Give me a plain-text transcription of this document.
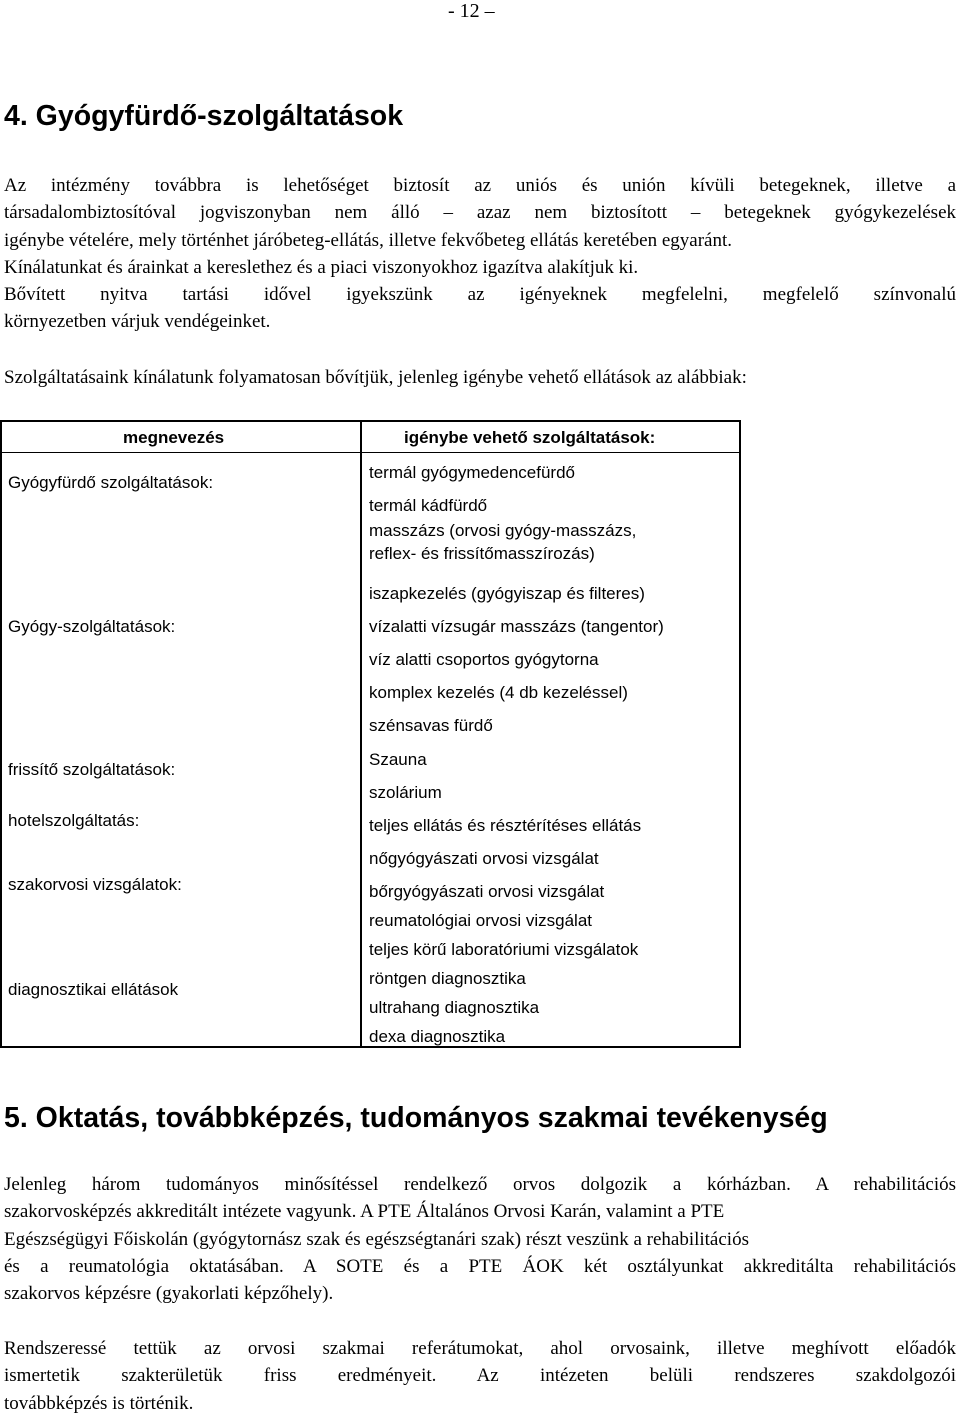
- 12 –
4. Gyógyfürdő-szolgáltatások
Az intézmény továbbra is lehetőséget biztosít az uniós és unión kívüli betegeknek, illetve a
társadalombiztosítóval jogviszonyban nem álló – azaz nem biztosított – betegeknek gyógykezelések
igénybe vételére, mely történhet járóbeteg-ellátás, illetve fekvőbeteg ellátás keretében egyaránt.
Kínálatunkat és árainkat a kereslethez és a piaci viszonyokhoz igazítva alakítjuk ki.
Bővített nyitva tartási idővel igyekszünk az igényeknek megfelelni, megfelelő színvonalú
környezetben várjuk vendégeinket.
Szolgáltatásaink kínálatunk folyamatosan bővítjük, jelenleg igénybe vehető ellátások az alábbiak:
megnevezés	igénybe vehető szolgáltatások:
Gyógyfürdő szolgáltatások:
Gyógy-szolgáltatások:
frissítő szolgáltatások:
hotelszolgáltatás:
szakorvosi vizsgálatok:
diagnosztikai ellátások
termál gyógymedencefürdő
termál kádfürdő
masszázs (orvosi gyógy-masszázs,
reflex- és frissítőmasszírozás)
iszapkezelés (gyógyiszap és filteres)
vízalatti vízsugár masszázs (tangentor)
víz alatti csoportos gyógytorna
komplex kezelés (4 db kezeléssel)
szénsavas fürdő
Szauna
szolárium
teljes ellátás és résztérítéses ellátás
nőgyógyászati orvosi vizsgálat
bőrgyógyászati orvosi vizsgálat
reumatológiai orvosi vizsgálat
teljes körű laboratóriumi vizsgálatok
röntgen diagnosztika
ultrahang diagnosztika
dexa diagnosztika
5. Oktatás, továbbképzés, tudományos szakmai tevékenység
Jelenleg három tudományos minősítéssel rendelkező orvos dolgozik a kórházban. A rehabilitációs
szakorvosképzés akkreditált intézete vagyunk. A PTE Általános Orvosi Karán, valamint a PTE
Egészségügyi Főiskolán (gyógytornász szak és egészségtanári szak) részt veszünk a rehabilitációs
és a reumatológia oktatásában. A SOTE és a PTE ÁOK két osztályunkat akkreditálta rehabilitációs
szakorvos képzésre (gyakorlati képzőhely).
Rendszeressé tettük az orvosi szakmai referátumokat, ahol orvosaink, illetve meghívott előadók
ismertetik szakterületük friss eredményeit. Az intézeten belüli rendszeres szakdolgozói
továbbképzés is történik.
